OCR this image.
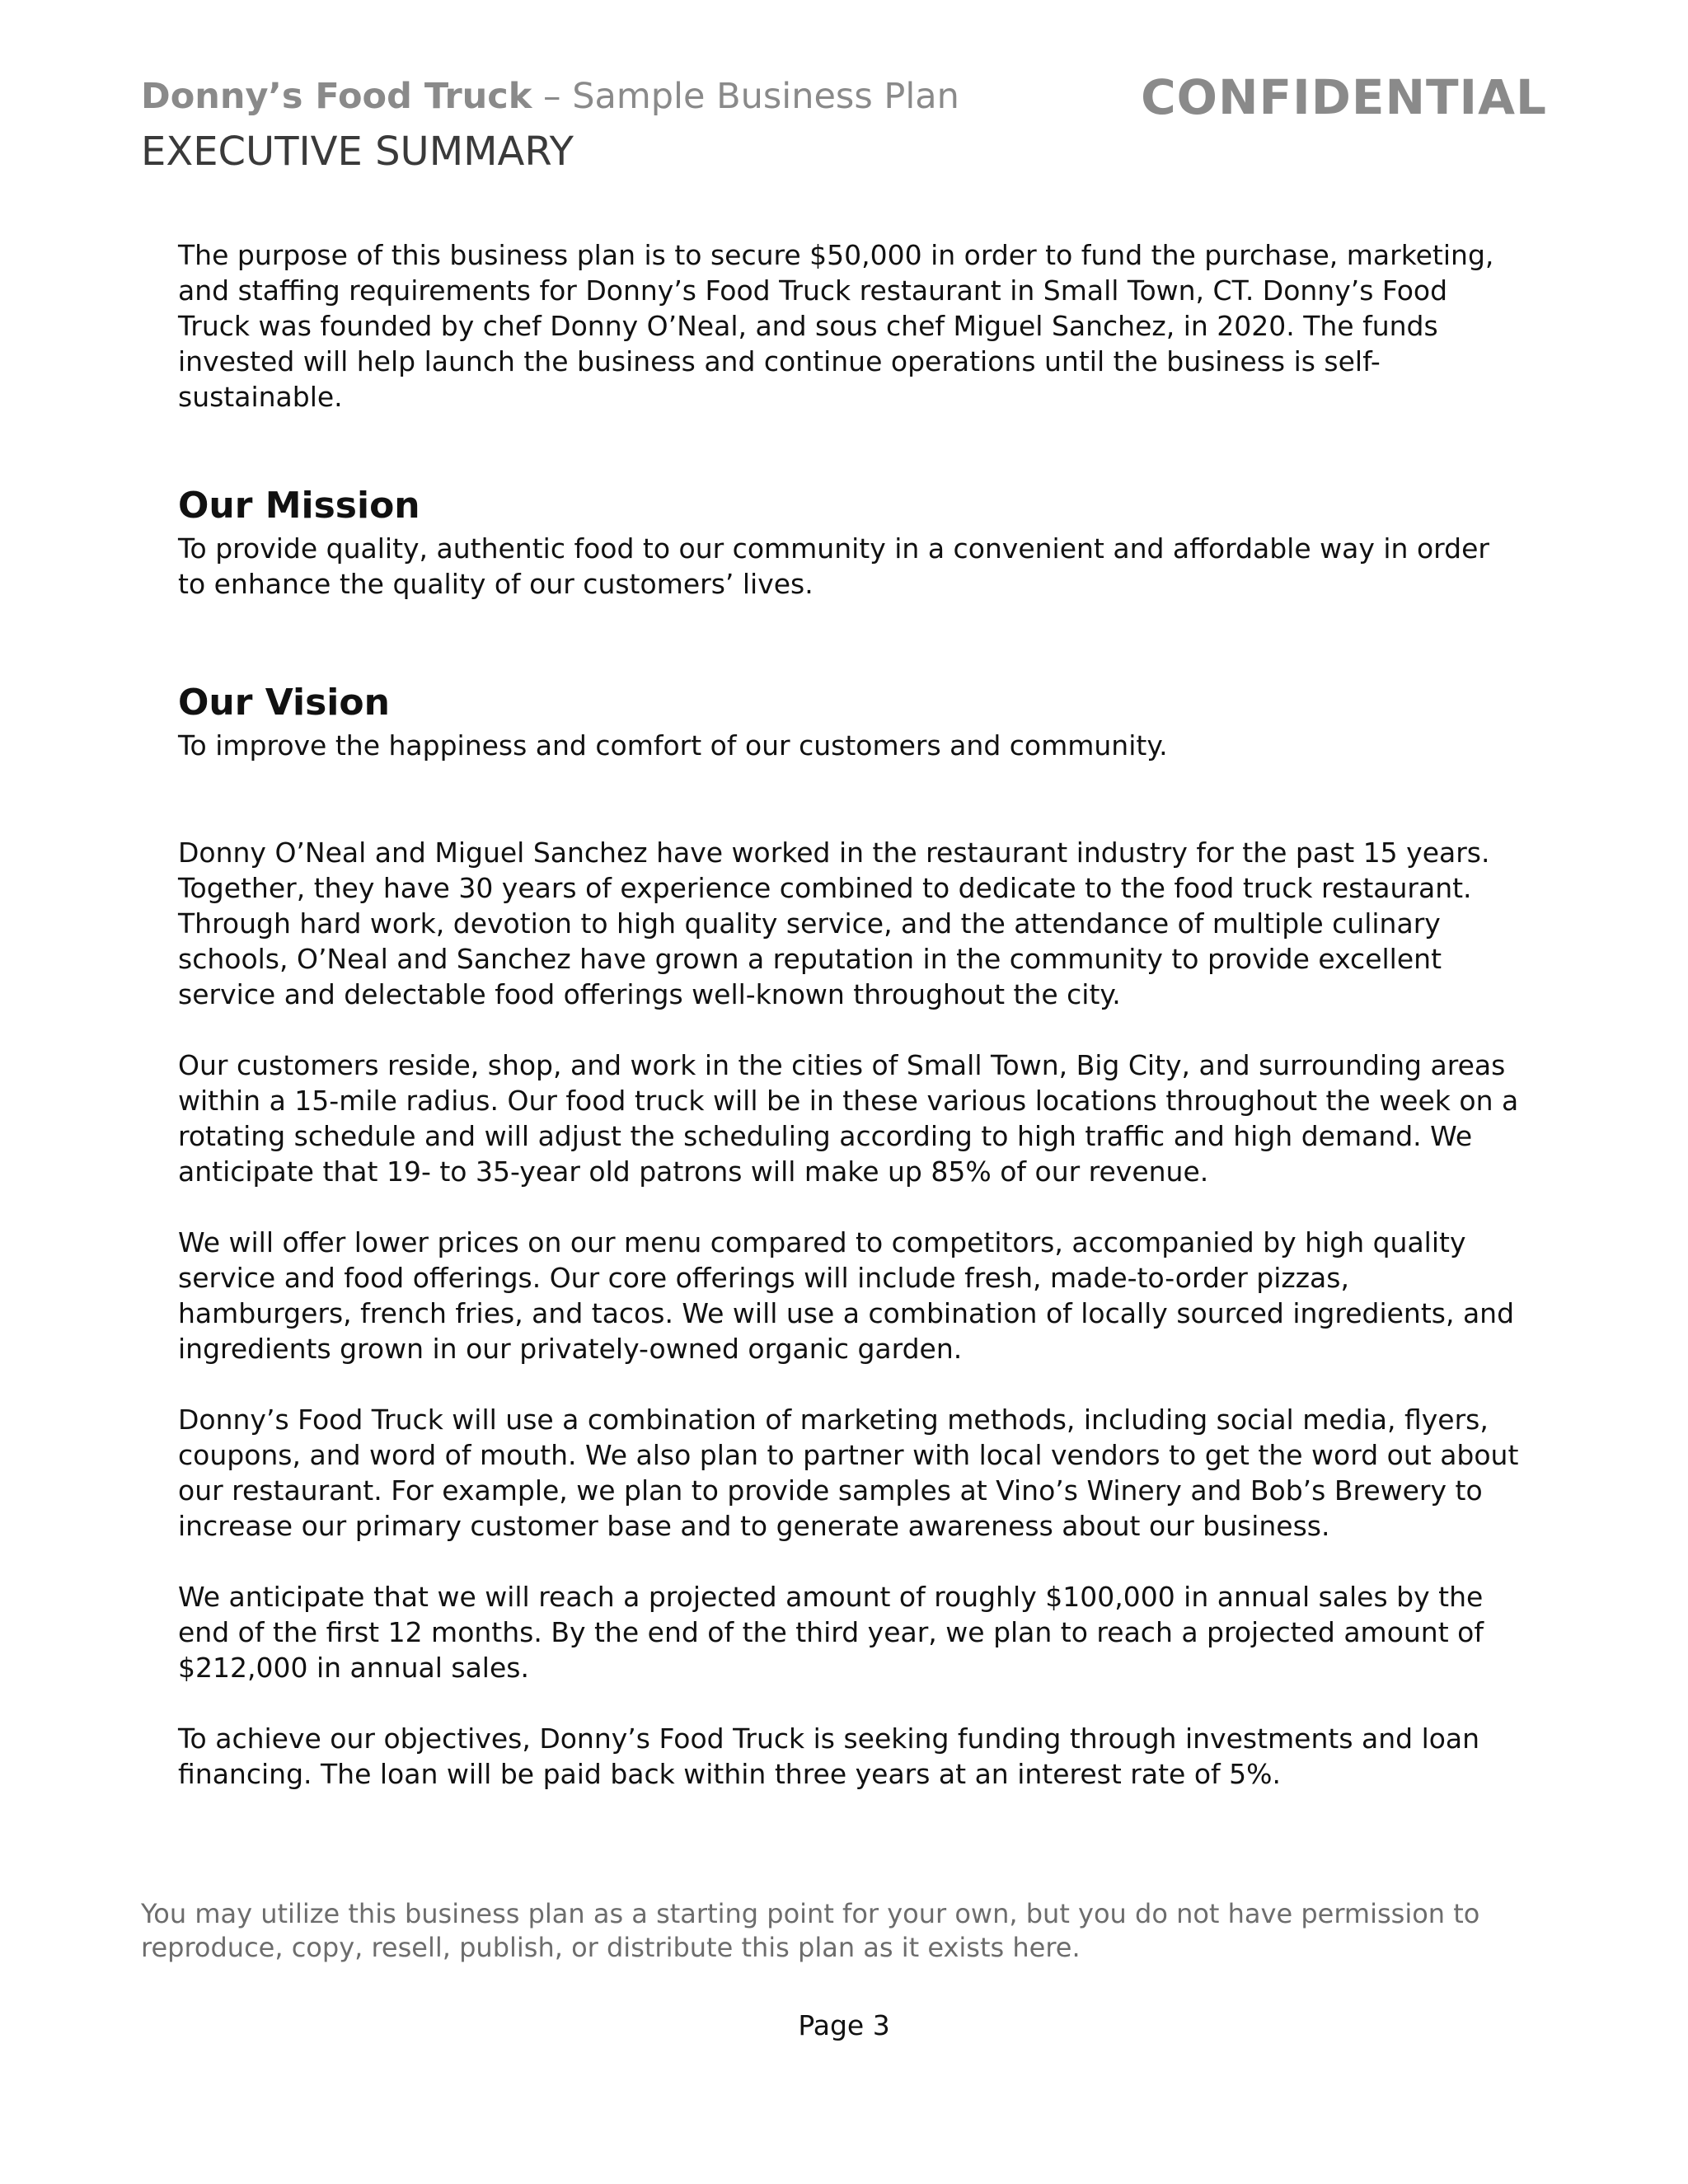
Donny’s Food Truck – Sample Business Plan	CONFIDENTIAL
EXECUTIVE SUMMARY

The purpose of this business plan is to secure $50,000 in order to fund the purchase, marketing, and staffing requirements for Donny’s Food Truck restaurant in Small Town, CT. Donny’s Food Truck was founded by chef Donny O’Neal, and sous chef Miguel Sanchez, in 2020. The funds invested will help launch the business and continue operations until the business is self-sustainable.

Our Mission

To provide quality, authentic food to our community in a convenient and affordable way in order to enhance the quality of our customers’ lives.

Our Vision

To improve the happiness and comfort of our customers and community.

Donny O’Neal and Miguel Sanchez have worked in the restaurant industry for the past 15 years. Together, they have 30 years of experience combined to dedicate to the food truck restaurant. Through hard work, devotion to high quality service, and the attendance of multiple culinary schools, O’Neal and Sanchez have grown a reputation in the community to provide excellent service and delectable food offerings well-known throughout the city.

Our customers reside, shop, and work in the cities of Small Town, Big City, and surrounding areas within a 15-mile radius. Our food truck will be in these various locations throughout the week on a rotating schedule and will adjust the scheduling according to high traffic and high demand. We anticipate that 19- to 35-year old patrons will make up 85% of our revenue.

We will offer lower prices on our menu compared to competitors, accompanied by high quality service and food offerings. Our core offerings will include fresh, made-to-order pizzas, hamburgers, french fries, and tacos. We will use a combination of locally sourced ingredients, and ingredients grown in our privately-owned organic garden.

Donny’s Food Truck will use a combination of marketing methods, including social media, flyers, coupons, and word of mouth. We also plan to partner with local vendors to get the word out about our restaurant. For example, we plan to provide samples at Vino’s Winery and Bob’s Brewery to increase our primary customer base and to generate awareness about our business.

We anticipate that we will reach a projected amount of roughly $100,000 in annual sales by the end of the first 12 months. By the end of the third year, we plan to reach a projected amount of $212,000 in annual sales.

To achieve our objectives, Donny’s Food Truck is seeking funding through investments and loan financing. The loan will be paid back within three years at an interest rate of 5%.

You may utilize this business plan as a starting point for your own, but you do not have permission to reproduce, copy, resell, publish, or distribute this plan as it exists here.
Page 3
